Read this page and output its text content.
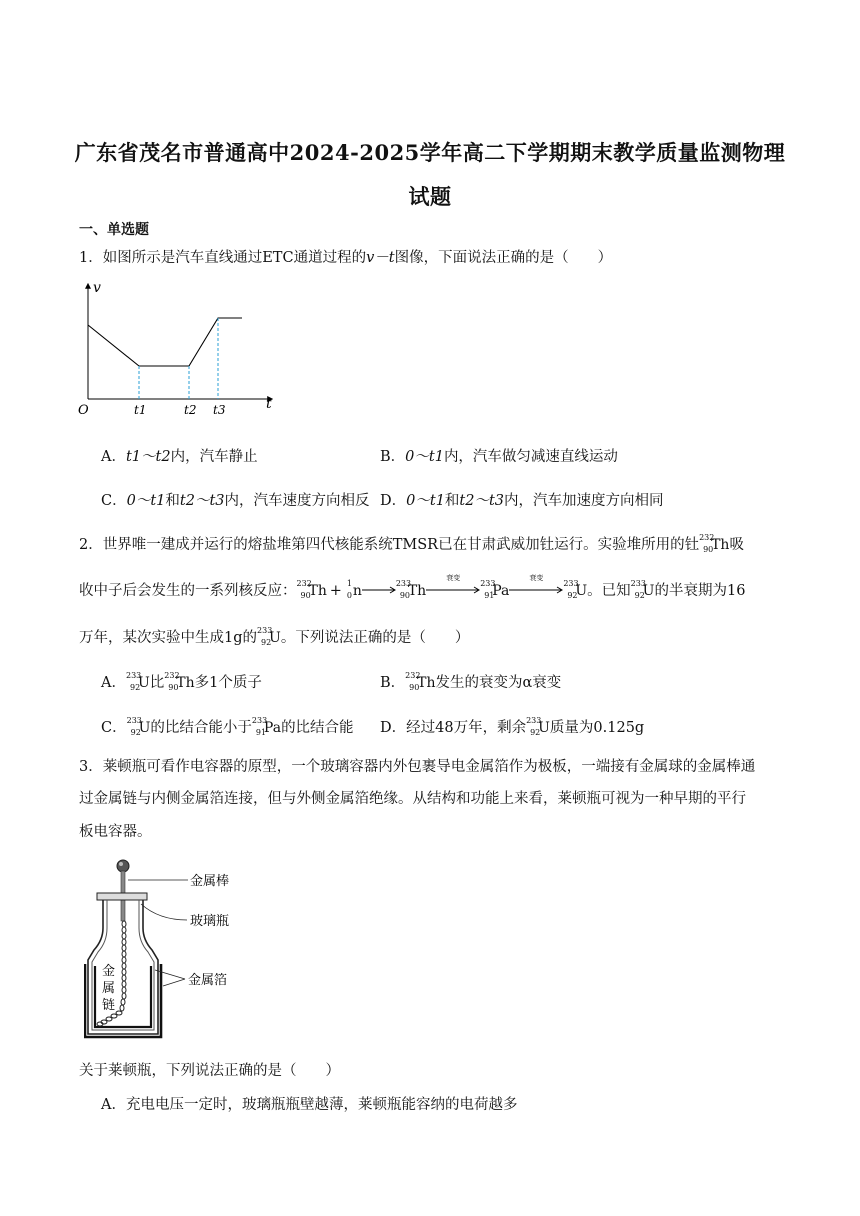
广东省茂名市普通高中2024-2025学年高二下学期期末教学质量监测物理
试题
一、单选题
1．如图所示是汽车直线通过ETC通道过程的v－t图像，下面说法正确的是（　　）
v
t
O	t1	t2 t3
A．t1～t2内，汽车静止	B．0～t1内，汽车做匀减速直线运动
C．0～t1和t2～t3内，汽车速度方向相反 D．0～t1和t2～t3内，汽车加速度方向相同
2．世界唯一建成并运行的熔盐堆第四代核能系统TMSR已在甘肃武威加钍运行。实验堆所用的钍 232
90
Th吸
收中子后会发生的一系列核反应： 232
90
Th +  1
0 n→ 233
90
Th
衰变
233
91
Pa
衰变
233
92
U。已知 233
92
U的半衰期为16
万年，某次实验中生成1g的 233
92
U。下列说法正确的是（　　）
A． 233
92
U比 232
90
Th多1个质子	B． 232
90
Th发生的衰变为α衰变
C． 233
92
U的比结合能小于 233
91
Pa的比结合能 D．经过48万年，剩余 233
92
U质量为0.125g
3．莱顿瓶可看作电容器的原型，一个玻璃容器内外包裹导电金属箔作为极板，一端接有金属球的金属棒通
过金属链与内侧金属箔连接，但与外侧金属箔绝缘。从结构和功能上来看，莱顿瓶可视为一种早期的平行
板电容器。
金
属
链
金属棒
玻璃瓶
金属箔
关于莱顿瓶，下列说法正确的是（　　）
A．充电电压一定时，玻璃瓶瓶壁越薄，莱顿瓶能容纳的电荷越多
